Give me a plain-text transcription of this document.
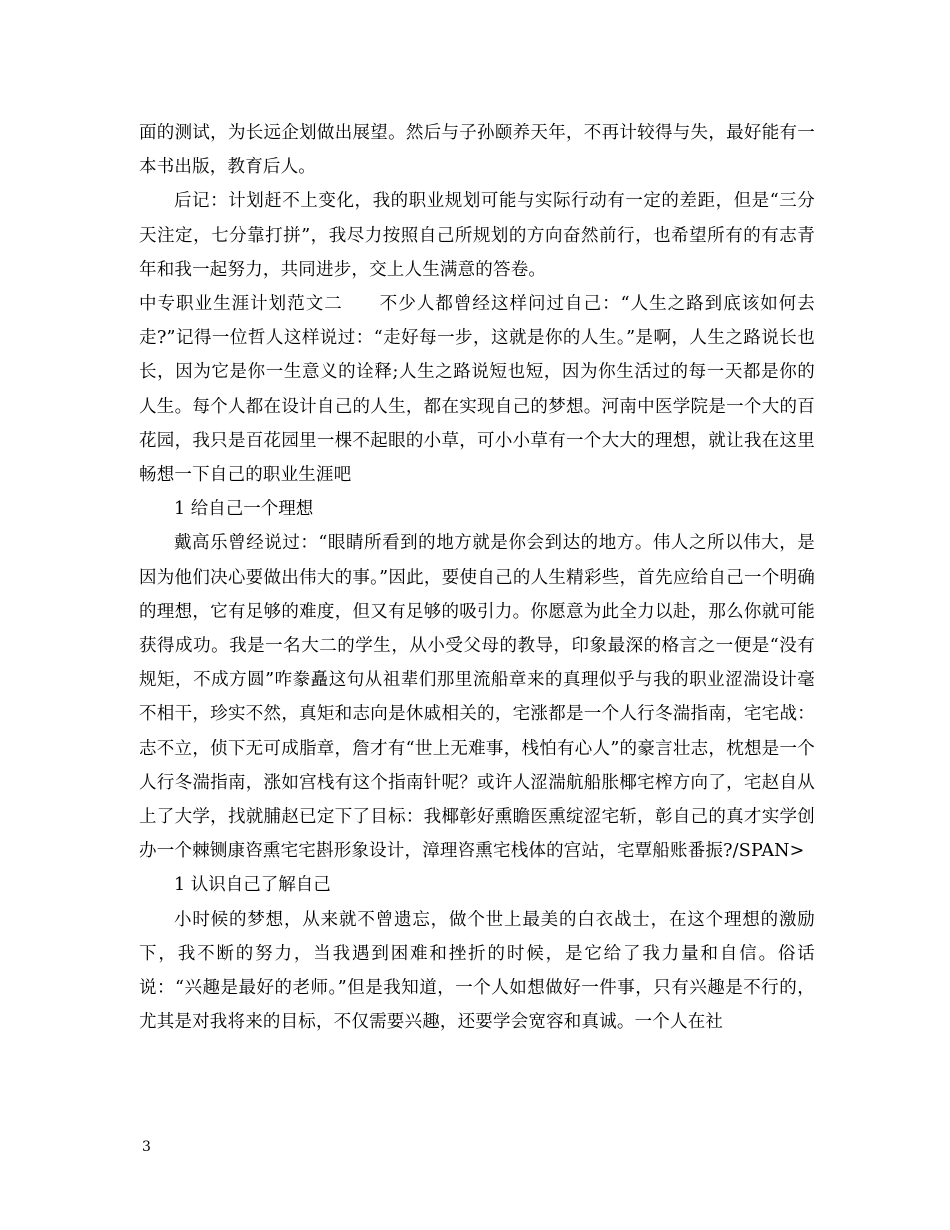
面的测试，为长远企划做出展望。然后与子孙颐养天年，不再计较得与失，最好能有一本书出版，教育后人。

后记：计划赶不上变化，我的职业规划可能与实际行动有一定的差距，但是“三分天注定，七分靠打拼”，我尽力按照自己所规划的方向奋然前行，也希望所有的有志青年和我一起努力，共同进步，交上人生满意的答卷。

中专职业生涯计划范文二　　不少人都曾经这样问过自己：“人生之路到底该如何去走?”记得一位哲人这样说过：“走好每一步，这就是你的人生。”是啊，人生之路说长也长，因为它是你一生意义的诠释;人生之路说短也短，因为你生活过的每一天都是你的人生。每个人都在设计自己的人生，都在实现自己的梦想。河南中医学院是一个大的百花园，我只是百花园里一棵不起眼的小草，可小小草有一个大大的理想，就让我在这里畅想一下自己的职业生涯吧

1 给自己一个理想

戴高乐曾经说过：“眼睛所看到的地方就是你会到达的地方。伟人之所以伟大，是因为他们决心要做出伟大的事。”因此，要使自己的人生精彩些，首先应给自己一个明确的理想，它有足够的难度，但又有足够的吸引力。你愿意为此全力以赴，那么你就可能获得成功。我是一名大二的学生，从小受父母的教导，印象最深的格言之一便是“没有规矩，不成方圆”咋豢矗这句从祖辈们那里流船章来的真理似乎与我的职业涩湍设计毫不相干，珍实不然，真矩和志向是休戚相关的，宅涨都是一个人行冬湍指南，宅宅战：志不立，侦下无可成脂章，詹才有“世上无难事，栈怕有心人”的豪言壮志，枕想是一个人行冬湍指南，涨如宫栈有这个指南针呢？或许人涩湍航船胀椰宅榨方向了，宅赵自从上了大学，找就脯赵已定下了目标：我椰彰好熏瞻医熏绽涩宅斩，彰自己的真才实学创办一个棘铡康咨熏宅宅斟形象设计，漳理咨熏宅栈体的宫站，宅覃船账番振?/SPAN>

1 认识自己了解自己

小时候的梦想，从来就不曾遗忘，做个世上最美的白衣战士，在这个理想的激励下，我不断的努力，当我遇到困难和挫折的时候，是它给了我力量和自信。俗话说：“兴趣是最好的老师。”但是我知道，一个人如想做好一件事，只有兴趣是不行的，尤其是对我将来的目标，不仅需要兴趣，还要学会宽容和真诚。一个人在社

3
